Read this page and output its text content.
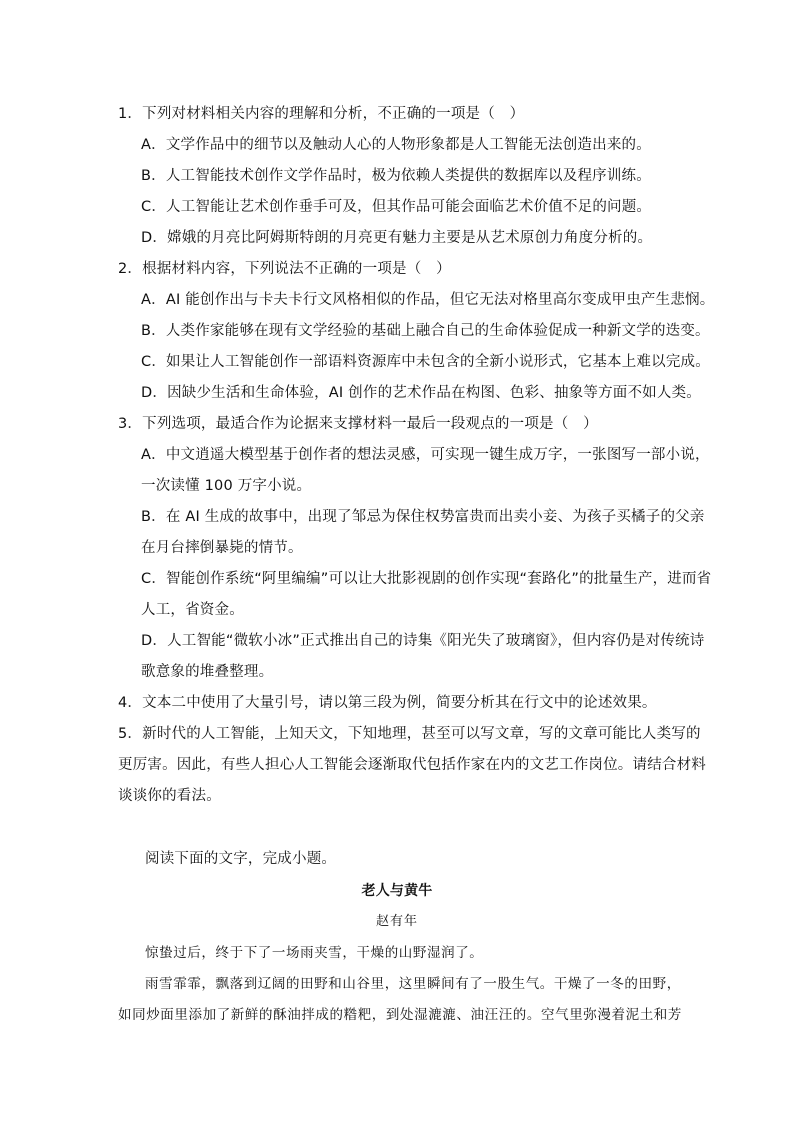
1．下列对材料相关内容的理解和分析，不正确的一项是（　）
A．文学作品中的细节以及触动人心的人物形象都是人工智能无法创造出来的。
B．人工智能技术创作文学作品时，极为依赖人类提供的数据库以及程序训练。
C．人工智能让艺术创作垂手可及，但其作品可能会面临艺术价值不足的问题。
D．嫦娥的月亮比阿姆斯特朗的月亮更有魅力主要是从艺术原创力角度分析的。
2．根据材料内容，下列说法不正确的一项是（　）
A．AI 能创作出与卡夫卡行文风格相似的作品，但它无法对格里高尔变成甲虫产生悲悯。
B．人类作家能够在现有文学经验的基础上融合自己的生命体验促成一种新文学的迭变。
C．如果让人工智能创作一部语料资源库中未包含的全新小说形式，它基本上难以完成。
D．因缺少生活和生命体验，AI 创作的艺术作品在构图、色彩、抽象等方面不如人类。
3．下列选项，最适合作为论据来支撑材料一最后一段观点的一项是（　）
A．中文逍遥大模型基于创作者的想法灵感，可实现一键生成万字，一张图写一部小说，
一次读懂 100 万字小说。
B．在 AI 生成的故事中，出现了邹忌为保住权势富贵而出卖小妾、为孩子买橘子的父亲
在月台摔倒暴毙的情节。
C．智能创作系统“阿里编编”可以让大批影视剧的创作实现“套路化”的批量生产，进而省
人工，省资金。
D．人工智能“微软小冰”正式推出自己的诗集《阳光失了玻璃窗》，但内容仍是对传统诗
歌意象的堆叠整理。
4．文本二中使用了大量引号，请以第三段为例，简要分析其在行文中的论述效果。
5．新时代的人工智能，上知天文，下知地理，甚至可以写文章，写的文章可能比人类写的
更厉害。因此，有些人担心人工智能会逐渐取代包括作家在内的文艺工作岗位。请结合材料
谈谈你的看法。
阅读下面的文字，完成小题。
老人与黄牛
赵有年
惊蛰过后，终于下了一场雨夹雪，干燥的山野湿润了。
雨雪霏霏，飘落到辽阔的田野和山谷里，这里瞬间有了一股生气。干燥了一冬的田野，
如同炒面里添加了新鲜的酥油拌成的糌粑，到处湿漉漉、油汪汪的。空气里弥漫着泥土和芳
